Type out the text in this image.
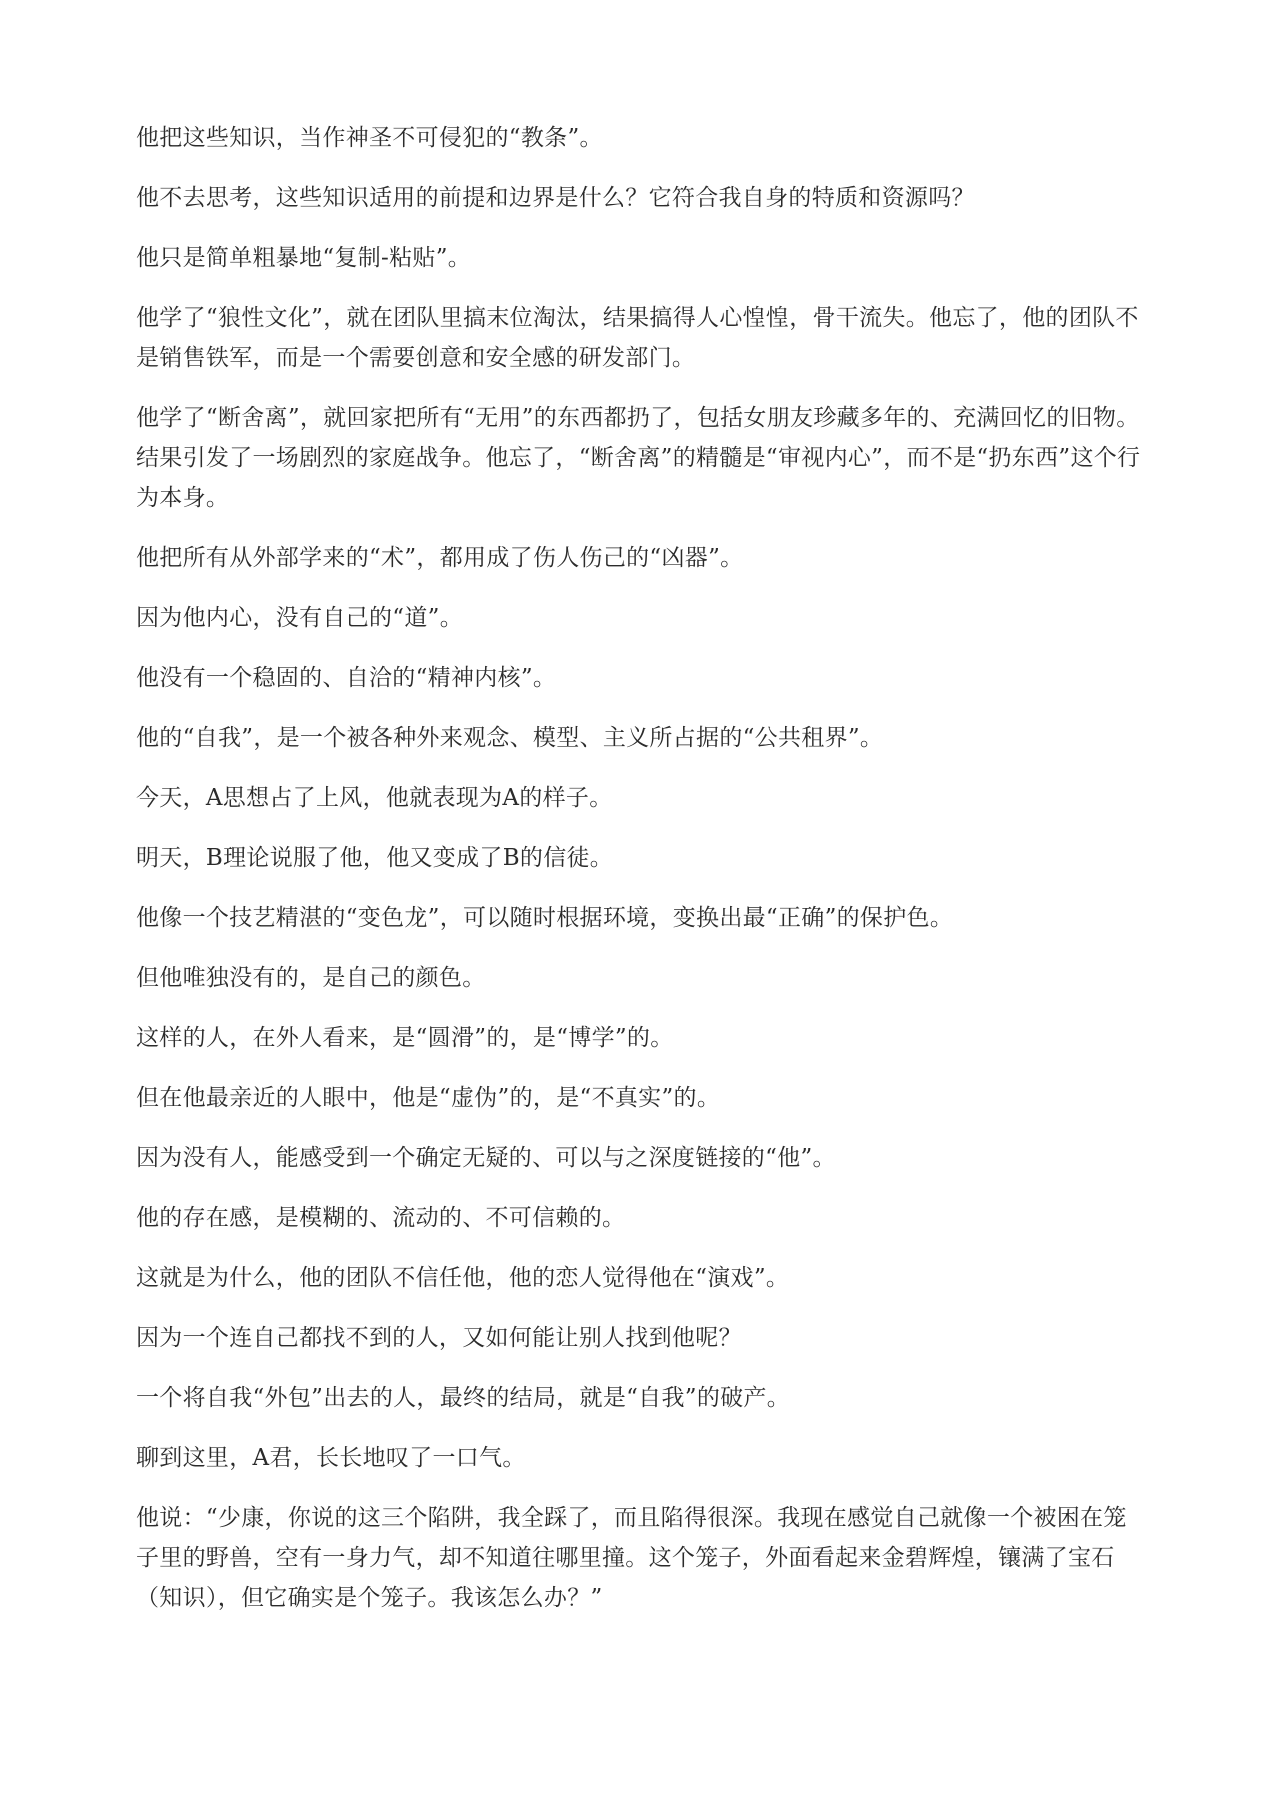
他把这些知识，当作神圣不可侵犯的“教条”。

他不去思考，这些知识适用的前提和边界是什么？它符合我自身的特质和资源吗？

他只是简单粗暴地“复制-粘贴”。

他学了“狼性文化”，就在团队里搞末位淘汰，结果搞得人心惶惶，骨干流失。他忘了，他的团队不是销售铁军，而是一个需要创意和安全感的研发部门。

他学了“断舍离”，就回家把所有“无用”的东西都扔了，包括女朋友珍藏多年的、充满回忆的旧物。结果引发了一场剧烈的家庭战争。他忘了，“断舍离”的精髓是“审视内心”，而不是“扔东西”这个行为本身。

他把所有从外部学来的“术”，都用成了伤人伤己的“凶器”。

因为他内心，没有自己的“道”。

他没有一个稳固的、自洽的“精神内核”。

他的“自我”，是一个被各种外来观念、模型、主义所占据的“公共租界”。

今天，A思想占了上风，他就表现为A的样子。

明天，B理论说服了他，他又变成了B的信徒。

他像一个技艺精湛的“变色龙”，可以随时根据环境，变换出最“正确”的保护色。

但他唯独没有的，是自己的颜色。

这样的人，在外人看来，是“圆滑”的，是“博学”的。

但在他最亲近的人眼中，他是“虚伪”的，是“不真实”的。

因为没有人，能感受到一个确定无疑的、可以与之深度链接的“他”。

他的存在感，是模糊的、流动的、不可信赖的。

这就是为什么，他的团队不信任他，他的恋人觉得他在“演戏”。

因为一个连自己都找不到的人，又如何能让别人找到他呢？

一个将自我“外包”出去的人，最终的结局，就是“自我”的破产。

聊到这里，A君，长长地叹了一口气。

他说：“少康，你说的这三个陷阱，我全踩了，而且陷得很深。我现在感觉自己就像一个被困在笼子里的野兽，空有一身力气，却不知道往哪里撞。这个笼子，外面看起来金碧辉煌，镶满了宝石（知识），但它确实是个笼子。我该怎么办？”
